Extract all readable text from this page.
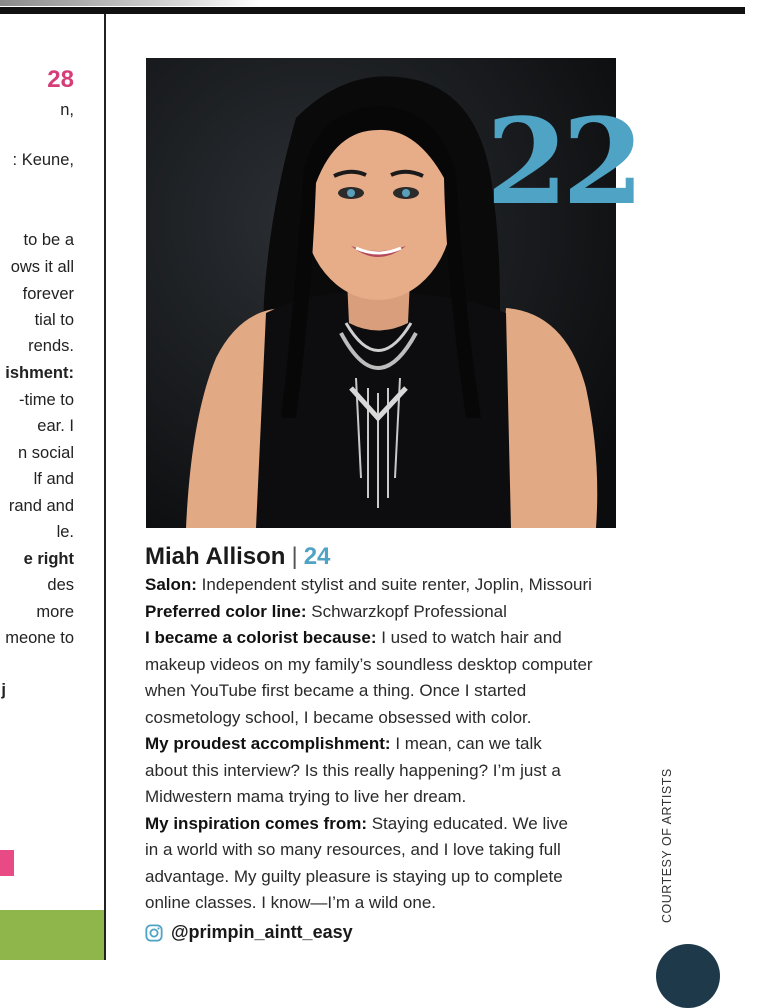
28
n,
: Keune,
to be a
ows it all
forever
tial to
rends.
ishment:
-time to
ear. I
n social
lf and
rand and
le.
e right
des
more
meone to
j
22
Miah Allison | 24
Salon: Independent stylist and suite renter, Joplin, Missouri
Preferred color line: Schwarzkopf Professional
I became a colorist because: I used to watch hair and
makeup videos on my family’s soundless desktop computer
when YouTube first became a thing. Once I started
cosmetology school, I became obsessed with color.
My proudest accomplishment: I mean, can we talk
about this interview? Is this really happening? I’m just a
Midwestern mama trying to live her dream.
My inspiration comes from: Staying educated. We live
in a world with so many resources, and I love taking full
advantage. My guilty pleasure is staying up to complete
online classes. I know—I’m a wild one.
@primpin_aintt_easy
COURTESY OF ARTISTS
